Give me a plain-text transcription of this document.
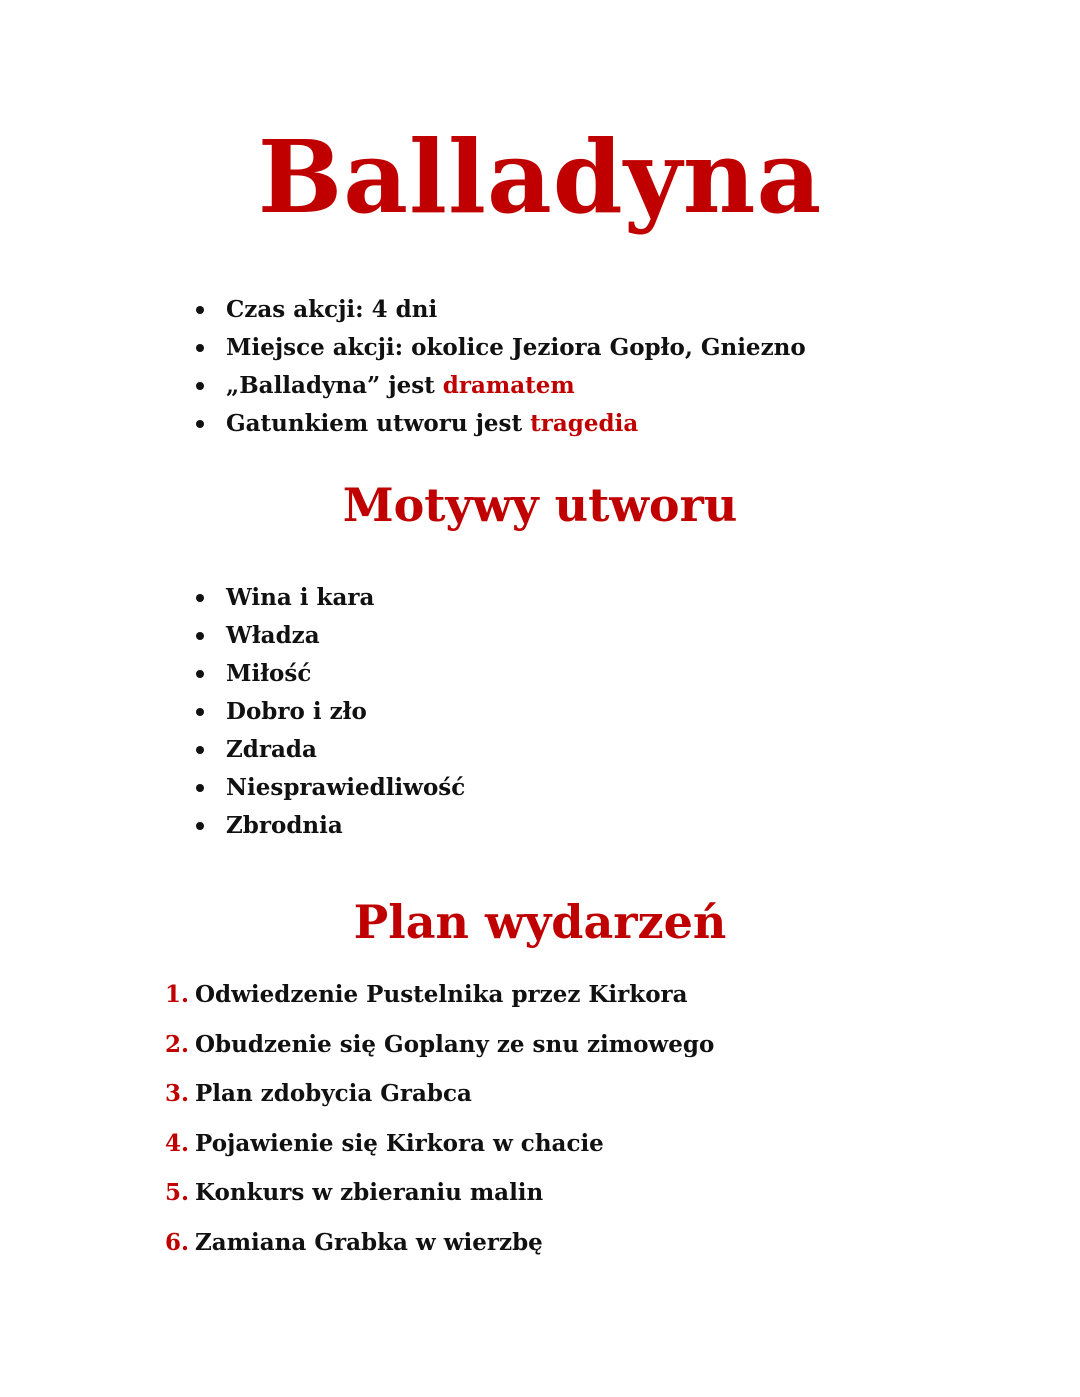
Balladyna
Czas akcji: 4 dni
Miejsce akcji: okolice Jeziora Gopło, Gniezno
„Balladyna” jest dramatem
Gatunkiem utworu jest tragedia
Motywy utworu
Wina i kara
Władza
Miłość
Dobro i zło
Zdrada
Niesprawiedliwość
Zbrodnia
Plan wydarzeń
1. Odwiedzenie Pustelnika przez Kirkora
2. Obudzenie się Goplany ze snu zimowego
3. Plan zdobycia Grabca
4. Pojawienie się Kirkora w chacie
5. Konkurs w zbieraniu malin
6. Zamiana Grabka w wierzbę
